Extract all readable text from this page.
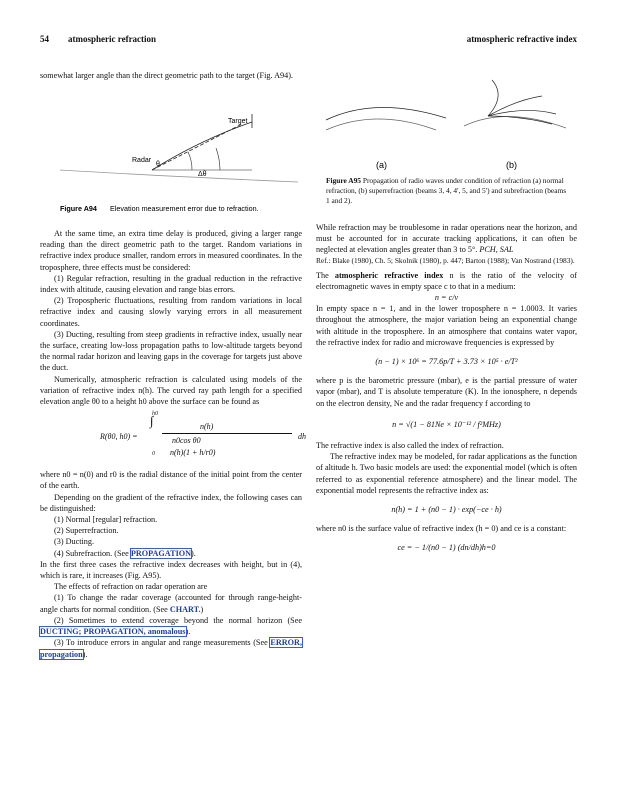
54 atmospheric refraction	atmospheric refractive index
Target
Radar
θ
Δθ
Figure A94 Elevation measurement error due to refraction.
(a)	(b)
Figure A95 Propagation of radio waves under condition of refraction (a) normal refraction, (b) superrefraction (beams 3, 4, 4', 5, and 5') and subrefraction (beams 1 and 2).

somewhat larger angle than the direct geometric path to the target (Fig. A94).

At the same time, an extra time delay is produced, giving a larger range reading than the direct geometric path to the target. Random variations in refractive index produce smaller, random errors in measured coordinates. In the troposphere, three effects must be considered:

(1) Regular refraction, resulting in the gradual reduction in the refractive index with altitude, causing elevation and range bias errors.

(2) Tropospheric fluctuations, resulting from random variations in local refractive index and causing slowly varying errors in all measurement coordinates.

(3) Ducting, resulting from steep gradients in refractive index, usually near the surface, creating low-loss propagation paths to low-altitude targets beyond the normal radar horizon and leaving gaps in the coverage for targets just above the duct.

Numerically, atmospheric refraction is calculated using models of the variation of refractive index n(h). The curved ray path length for a specified elevation angle θ0 to a height h0 above the surface can be found as

R(θ0, h0) =
∫
h0
0
n(h)
n0cos θ0
n(h)(1 + h/r0)
dh

where n0 = n(0) and r0 is the radial distance of the initial point from the center of the earth.

Depending on the gradient of the refractive index, the following cases can be distinguished:

(1) Normal [regular] refraction.

(2) Superrefraction.

(3) Ducting.

(4) Subrefraction. (See PROPAGATION).

In the first three cases the refractive index decreases with height, but in (4), which is rare, it increases (Fig. A95).

The effects of refraction on radar operation are

(1) To change the radar coverage (accounted for through range-height-angle charts for normal condition. (See CHART.)

(2) Sometimes to extend coverage beyond the normal horizon (See DUCTING; PROPAGATION, anomalous).

(3) To introduce errors in angular and range measurements (See ERROR, propagation).

While refraction may be troublesome in radar operations near the horizon, and must be accounted for in accurate tracking applications, it can often be neglected at elevation angles greater than 3 to 5°. PCH, SAL

Ref.: Blake (1980), Ch. 5; Skolnik (1980), p. 447; Barton (1988); Van Nostrand (1983).

The atmospheric refractive index n is the ratio of the velocity of electromagnetic waves in empty space c to that in a medium:

n = c/v

In empty space n = 1, and in the lower troposphere n = 1.0003. It varies throughout the atmosphere, the major variation being an exponential change with altitude in the troposphere. In an atmosphere that contains water vapor, the refractive index for radio and microwave frequencies is expressed by

(n − 1) × 10⁶ = 77.6p/T + 3.73 × 10⁵ · e/T²

where p is the barometric pressure (mbar), e is the partial pressure of water vapor (mbar), and T is absolute temperature (K). In the ionosphere, n depends on the electron density, Ne and the radar frequency f according to

n = √(1 − 81Ne × 10⁻¹² / f²MHz)

The refractive index is also called the index of refraction.

The refractive index may be modeled, for radar applications as the function of altitude h. Two basic models are used: the exponential model (which is often referred to as exponential reference atmosphere) and the linear model. The exponential model represents the refractive index as:

n(h) = 1 + (n0 − 1) · exp(−ce · h)

where n0 is the surface value of refractive index (h = 0) and ce is a constant:

ce = − 1/(n0 − 1) (dn/dh)h=0
